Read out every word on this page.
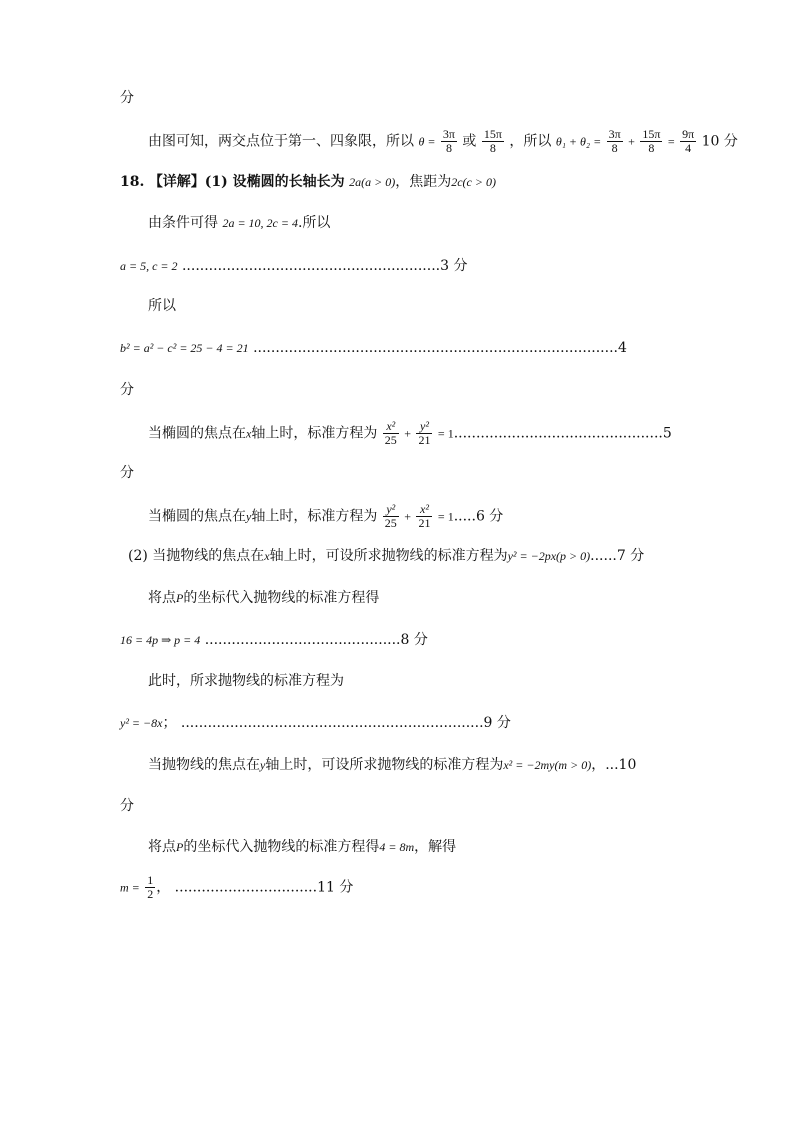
分
由图可知，两交点位于第一、四象限，所以 $\theta = \frac{3\pi}{8}$ 或 $\frac{15\pi}{8}$ ，所以 $\theta_1 + \theta_2 = \frac{3\pi}{8} + \frac{15\pi}{8} = \frac{9\pi}{4} 10$ 分
18. 【详解】(1) 设椭圆的长轴长为 2a(a > 0)，焦距为2c(c > 0)
由条件可得 2a = 10, 2c = 4.所以
a = 5, c = 2 ..........................................................3 分
所以
b² = a² − c² = 25 − 4 = 21 ..................................................................................4
分
当椭圆的焦点在x轴上时，标准方程为 $\frac{\text{x²}}{25} + \frac{\text{y²}}{21} = 1...............................................5$
分
当椭圆的焦点在y轴上时，标准方程为 $\frac{\text{y²}}{25} + \frac{\text{x²}}{21} = 1.....6$ 分
(2) 当抛物线的焦点在x轴上时，可设所求抛物线的标准方程为y² = −2px(p > 0)......7 分
将点P的坐标代入抛物线的标准方程得
16 = 4p ⇒ p = 4 ............................................8 分
此时，所求抛物线的标准方程为
y² = −8x； ....................................................................9 分
当抛物线的焦点在y轴上时，可设所求抛物线的标准方程为x² = −2my(m > 0)，...10
分
将点P的坐标代入抛物线的标准方程得4 = 8m，解得
$m = \frac{1}{2}$ ， ................................11 分
